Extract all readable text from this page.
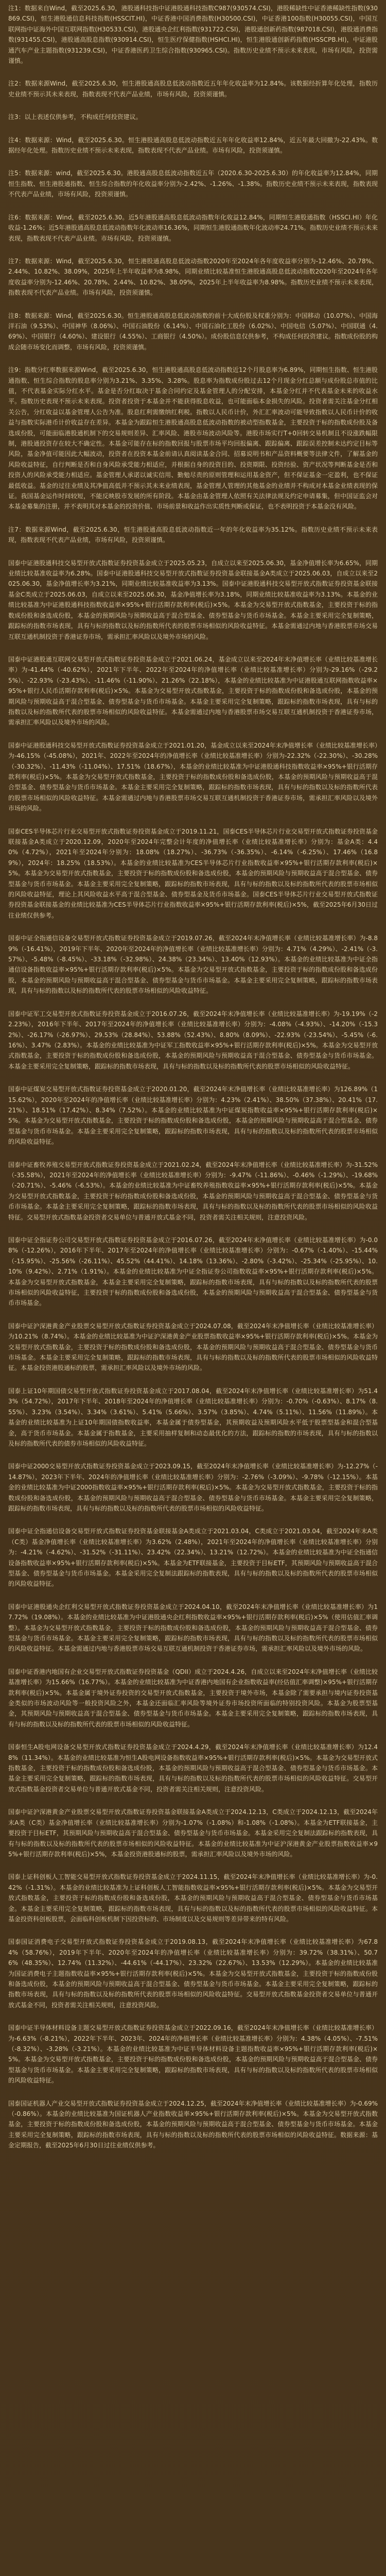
注1：数据来自Wind，截至2025.6.30，港股通科技指中证港股通科技指数C987(930574.CSI)，港股稀缺性中证香港稀缺性指数(930869.CSI)，恒生港股通信息科技指数(HSSCIT.HI)，中证香港中国消费指数(H30500.CSI)，中证香港100指数(H30055.CSI)，中国互联网指中证海外中国互联网指数(H30533.CSI)，港股通央企红利指数(931722.CSI)，港股通创新药指数(987018.CSI)，港股通消费指数(931455.CSI)，港股通高股息指数(930914.CSI)，恒生医疗保健指数(HSHCI.HI)，恒生港股通创新药指数(HSSCPB.HI)，中证港股通汽车产业主题指数(931239.CSI)，中证香港医药卫生综合指数(930965.CSI)。指数历史业绩不预示未来表现，市场有风险，投资需谨慎。

注2：数据来源Wind，截至2025.6.30，恒生港股通高股息低波动指数近五年年化收益率为12.84%。该数据经折算年化处理，指数历史业绩不预示其未来表现，指数表现不代表产品业绩，市场有风险，投资须谨慎。

注3：以上表述仅供参考，不构成任何投资建议。

注4：数据来源：Wind，截至2025.6.30。恒生港股通高股息低波动指数近五年年化收益率12.84%，近五年最大回撤为-22.43%。数据经年化处理。指数历史业绩不预示未来表现，指数表现不代表产品业绩。市场有风险，投资须谨慎。

注5：数据来源：wind，截至2025.6.30。港股通高股息低波动指数近五年（2020.6.30-2025.6.30）的年化收益率为12.84%，同期恒生指数、恒生港股通指数、恒生综合指数的年化收益率分别为-2.42%、-1.26%、-1.38%。指数历史业绩不预示未来表现，指数表现不代表产品业绩，市场有风险，投资须谨慎。

注6：数据来源：Wind，截至2025.6.30。近5年港股通高股息低波动指数年化收益12.84%，同期恒生港股通指数（HSSCI.HI）年化收益-1.26%；近5年港股通高股息低波动指数年化波动率16.36%，同期恒生港股通指数年化波动率24.71%。指数历史业绩不预示未来表现，指数表现不代表产品业绩。市场有风险，投资须谨慎。

注7：数据来源：Wind，截至2025.6.30，恒生港股通高股息低波动指数2020年至2024年各年度收益率分别为-12.46%、20.78%、2.44%、10.82%、38.09%，2025年上半年收益率为8.98%，同期业绩比较基准恒生港股通高股息低波动指数2020年至2024年各年度收益率分别为-12.46%、20.78%、2.44%、10.82%、38.09%，2025年上半年收益率为8.98%。指数历史业绩不预示未来表现，指数表现不代表产品业绩。市场有风险，投资须谨慎。

注8：数据来源：Wind，截至2025.6.30。恒生港股通高股息低波动指数的前十大成份股及权重分别为：中国移动（10.07%）、中国海洋石油（9.53%）、中国神华（8.06%）、中国石油股份（6.14%）、中国石油化工股份（6.02%）、中国电信（5.07%）、中国联通（4.69%）、中国银行（4.60%）、建设银行（4.55%）、工商银行（4.50%）。成份股信息仅供参考，不构成任何投资建议。指数成份股的构成会随市场变化而调整，市场有风险，投资须谨慎。

注9：指数分红率数据来源Wind，截至2025.6.30，恒生港股通高股息低波动指数近12个月股息率为6.89%，同期恒生指数、恒生港股通指数、恒生综合指数的股息率分别为3.21%、3.35%、3.28%。股息率为指数成份股过去12个月现金分红总额与成份股总市值的比值，不代表基金实际分红水平。基金是否分红取决于基金合同约定及基金管理人的分配安排，本基金分红并不代表基金未来的收益水平。指数历史表现不预示未来表现。投资者投资于本基金并不能获得股息收益，也可能面临本金损失的风险。投资者需关注基金分红相关公告，分红收益以基金管理人公告为准。股息红利需缴纳红利税。指数以人民币计价，外汇汇率波动可能导致指数以人民币计价的收益与指数实际港币计价收益存在差异。本基金为跟踪恒生港股通高股息低波动指数的被动型指数基金，主要投资于标的指数成份股及备选成份股，可能面临港股通机制下的交易规则差异、汇率风险、港股市场波动风险等。港股市场实行T+0回转交易机制且不设涨跌幅限制，港股通投资存在较大不确定性。本基金可能存在标的指数回报与股票市场平均回报偏离、跟踪偏离、跟踪误差控制未达约定目标等风险，基金净值可能因此大幅波动，投资者在投资本基金前请认真阅读基金合同、招募说明书和产品资料概要等法律文件，了解基金的风险收益特征，自行判断是否和自身风险承受能力相适应，并根据自身的投资目的、投资期限、投资经验、资产状况等判断基金是否和投资人的风险承受能力相适应。基金管理人承诺以诚实信用、勤勉尽责的原则管理和运用基金资产，但不保证基金一定盈利，也不保证最低收益。基金的过往业绩及其净值高低并不预示其未来业绩表现，基金管理人管理的其他基金的业绩并不构成对本基金业绩表现的保证。我国基金运作时间较短，不能反映股市发展的所有阶段。本基金由基金管理人依照有关法律法规及约定申请募集，但中国证监会对本基金募集的注册，并不表明其对本基金的投资价值、市场前景和收益作出实质性判断或保证，也不表明投资于本基金没有风险。

注7：数据来源Wind，截至2025.6.30，恒生港股通高股息低波动指数近一年的年化收益率为35.12%。指数历史业绩不预示未来表现，指数表现不代表产品业绩，市场有风险，投资须谨慎。

国泰中证港股通科技交易型开放式指数证券投资基金成立于2025.05.23，自成立以来至2025.06.30，基金净值增长率为6.65%，同期业绩比较基准收益率为6.28%。国泰中证港股通科技交易型开放式指数证券投资基金联接基金A类成立于2025.06.03，自成立以来至2025.06.30，基金净值增长率为3.21%，同期业绩比较基准收益率为3.13%。国泰中证港股通科技交易型开放式指数证券投资基金联接基金C类成立于2025.06.03，自成立以来至2025.06.30，基金净值增长率为3.18%，同期业绩比较基准收益率为3.13%。本基金的业绩比较基准为中证港股通科技指数收益率×95%+银行活期存款利率(税后)×5%。本基金为交易型开放式指数基金，主要投资于标的指数成份股和备选成份股，本基金的预期风险与预期收益高于混合型基金、债券型基金与货币市场基金。本基金主要采用完全复制策略，跟踪标的指数市场表现，具有与标的指数以及标的指数所代表的股票市场相似的风险收益特征。本基金需通过内地与香港股票市场交易互联互通机制投资于香港证券市场，需承担汇率风险以及境外市场的风险。

国泰中证港股通互联网交易型开放式指数证券投资基金成立于2021.06.24，基金成立以来至2024年末净值增长率（业绩比较基准增长率）为-41.44%（-40.62%），2021年下半年、2022年至2024年的净值增长率（业绩比较基准增长率）分别为-29.16%（-29.25%）、-22.93%（-23.43%）、-11.46%（-11.90%）、21.26%（22.18%），本基金的业绩比较基准为中证港股通互联网指数收益率×95%+银行人民币活期存款利率(税后)×5%。本基金为交易型开放式指数基金，主要投资于标的指数成份股和备选成份股，本基金的预期风险与预期收益高于混合型基金、债券型基金与货币市场基金。本基金主要采用完全复制策略，跟踪标的指数市场表现，具有与标的指数以及标的指数所代表的股票市场相似的风险收益特征。本基金需通过内地与香港股票市场交易互联互通机制投资于香港证券市场，需承担汇率风险以及境外市场的风险。

国泰中证港股通科技交易型开放式指数证券投资基金成立于2021.01.20，基金成立以来至2024年末净值增长率（业绩比较基准增长率）为-46.15%（-45.08%），2021年、2022年至2024年的净值增长率（业绩比较基准增长率）分别为-22.32%（-22.30%）、-30.28%（-30.32%）、-11.43%（-11.04%）、17.51%（18.67%），本基金的业绩比较基准为中证港股通科技指数收益率×95%+银行活期存款利率(税后)×5%。本基金为交易型开放式指数基金，主要投资于标的指数成份股和备选成份股，本基金的预期风险与预期收益高于混合型基金、债券型基金与货币市场基金。本基金主要采用完全复制策略，跟踪标的指数市场表现，具有与标的指数以及标的指数所代表的股票市场相似的风险收益特征。本基金需通过内地与香港股票市场交易互联互通机制投资于香港证券市场，需承担汇率风险以及境外市场的风险。

国泰CES半导体芯片行业交易型开放式指数证券投资基金成立于2019.11.21，国泰CES半导体芯片行业交易型开放式指数证券投资基金联接基金A类成立于2020.12.09，2020年至2024年完整会计年度的净值增长率（业绩比较基准增长率）分别为：基金A类：4.40%（4.72%），2021年至2024年分别为：18.08%（18.27%）、-36.73%（-36.35%）、-6.14%（-6.25%）、17.46%（16.89%），2024年：18.25%（18.53%）。本基金的业绩比较基准为CES半导体芯片行业指数收益率×95%+银行活期存款利率(税后)×5%。本基金为交易型开放式指数基金，主要投资于标的指数成份股和备选成份股，本基金的预期风险与预期收益高于混合型基金、债券型基金与货币市场基金。本基金主要采用完全复制策略，跟踪标的指数市场表现，具有与标的指数以及标的指数所代表的股票市场相似的风险收益特征，理论上其风险收益水平高于混合型基金、债券型基金及货币市场基金。国泰CES半导体芯片行业交易型开放式指数证券投资基金联接基金的业绩比较基准为CES半导体芯片行业指数收益率×95%+银行活期存款利率(税后)×5%，截至2025年6月30日过往业绩仅供参考。

国泰中证全指通信设备交易型开放式指数证券投资基金成立于2019.07.26，截至2024年末净值增长率（业绩比较基准增长率）为-8.89%（-16.41%），2019年下半年、2020年至2024年的净值增长率（业绩比较基准增长率）分别为：4.71%（4.29%）、-2.41%（-3.57%）、-5.48%（-8.45%）、-33.18%（-32.98%）、24.38%（23.34%）、13.40%（12.93%）。本基金的业绩比较基准为中证全指通信设备指数收益率×95%+银行活期存款利率(税后)×5%。本基金为交易型开放式指数基金，主要投资于标的指数成份股和备选成份股，本基金的预期风险与预期收益高于混合型基金、债券型基金与货币市场基金。本基金主要采用完全复制策略，跟踪标的指数市场表现，具有与标的指数以及标的指数所代表的股票市场相似的风险收益特征。

国泰中证军工交易型开放式指数证券投资基金成立于2016.07.26，截至2024年末净值增长率（业绩比较基准增长率）为-19.19%（-22.23%），2016年下半年、2017年至2024年的净值增长率（业绩比较基准增长率）分别为：-4.08%（-4.93%）、-14.20%（-15.32%）、-26.17%（-26.97%）、29.53%（28.84%）、53.88%（52.43%）、8.80%（8.09%）、-22.93%（-23.54%）、-5.45%（-6.16%）、3.47%（2.83%）。本基金的业绩比较基准为中证军工指数收益率×95%+银行活期存款利率(税后)×5%。本基金为交易型开放式指数基金，主要投资于标的指数成份股和备选成份股，本基金的预期风险与预期收益高于混合型基金、债券型基金与货币市场基金。本基金主要采用完全复制策略，跟踪标的指数市场表现，具有与标的指数以及标的指数所代表的股票市场相似的风险收益特征。

国泰中证煤炭交易型开放式指数证券投资基金成立于2020.01.20，截至2024年末净值增长率（业绩比较基准增长率）为126.89%（115.62%），2020年至2024年的净值增长率（业绩比较基准增长率）分别为：4.23%（2.41%）、38.50%（37.38%）、20.41%（17.21%）、18.51%（17.42%）、8.34%（7.52%）。本基金的业绩比较基准为中证煤炭指数收益率×95%+银行活期存款利率(税后)×5%。本基金为交易型开放式指数基金，主要投资于标的指数成份股和备选成份股，本基金的预期风险与预期收益高于混合型基金、债券型基金与货币市场基金。本基金主要采用完全复制策略，跟踪标的指数市场表现，具有与标的指数以及标的指数所代表的股票市场相似的风险收益特征。

国泰中证畜牧养殖交易型开放式指数证券投资基金成立于2021.02.24，截至2024年末净值增长率（业绩比较基准增长率）为-31.52%（-35.58%），2021年至2024年的净值增长率（业绩比较基准增长率）分别为：-9.47%（-11.86%）、-0.46%（-1.29%）、-19.68%（-20.71%）、-5.46%（-6.53%）。本基金的业绩比较基准为中证畜牧养殖指数收益率×95%+银行活期存款利率(税后)×5%。本基金为交易型开放式指数基金，主要投资于标的指数成份股和备选成份股，本基金的预期风险与预期收益高于混合型基金、债券型基金与货币市场基金。本基金主要采用完全复制策略，跟踪标的指数市场表现，具有与标的指数以及标的指数所代表的股票市场相似的风险收益特征。交易型开放式指数基金投资者交易单位与普通开放式基金不同，投资者需关注相关规则，注意投资风险。

国泰中证全指证券公司交易型开放式指数证券投资基金成立于2016.07.26，截至2024年末净值增长率（业绩比较基准增长率）为-0.08%（-12.26%），2016年下半年、2017年至2024年的净值增长率（业绩比较基准增长率）分别为：-0.67%（-1.40%）、-15.44%（-15.95%）、-25.56%（-26.11%）、45.52%（44.41%）、14.18%（13.36%）、-2.80%（-3.42%）、-25.34%（-25.95%）、10.10%（9.42%）、2.71%（1.91%）。本基金的业绩比较基准为中证全指证券公司指数收益率×95%+银行活期存款利率(税后)×5%。本基金为交易型开放式指数基金，本基金主要采用完全复制策略，跟踪标的指数市场表现，具有与标的指数以及标的指数所代表的股票市场相似的风险收益特征，主要投资于标的指数成份股和备选成份股，本基金的预期风险与预期收益高于混合型基金、债券型基金与货币市场基金。

国泰中证沪深港黄金产业股票交易型开放式指数证券投资基金成立于2024.07.08，截至2024年末净值增长率（业绩比较基准增长率）为10.21%（8.74%）。本基金的业绩比较基准为中证沪深港黄金产业股票指数收益率×95%+银行活期存款利率(税后)×5%。本基金为交易型开放式指数基金，主要投资于标的指数成份股和备选成份股，本基金的预期风险与预期收益高于混合型基金、债券型基金与货币市场基金。本基金主要采用完全复制策略，跟踪标的指数市场表现，具有与标的指数以及标的指数所代表的股票市场相似的风险收益特征。本基金投资港股通标的股票，需承担汇率风险以及境外市场的风险。

国泰上证10年期国债交易型开放式指数证券投资基金成立于2017.08.04，截至2024年末净值增长率（业绩比较基准增长率）为51.43%（54.72%），2017年下半年、2018年至2024年的净值增长率（业绩比较基准增长率）分别为：-0.70%（-0.63%）、8.17%（8.55%）、3.23%（3.54%）、3.34%（3.61%）、5.41%（5.66%）、3.57%（3.85%）、4.74%（5.11%）、11.56%（11.89%）。本基金的业绩比较基准为上证10年期国债指数收益率，本基金属于债券型基金，其预期收益及预期风险水平低于股票型基金和混合型基金，高于货币市场基金。本基金属于指数基金，主要采用抽样复制和动态最优化的方法，跟踪标的指数的市场表现，具有与标的指数以及标的指数所代表的债券市场相似的风险收益特征。

国泰中证2000交易型开放式指数证券投资基金成立于2023.09.15，截至2024年末净值增长率（业绩比较基准增长率）为-12.27%（-14.87%），2023年下半年、2024年的净值增长率（业绩比较基准增长率）分别为：-2.76%（-3.09%）、-9.78%（-12.15%）。本基金的业绩比较基准为中证2000指数收益率×95%+银行活期存款利率(税后)×5%。本基金为交易型开放式指数基金，主要投资于标的指数成份股和备选成份股，本基金的预期风险与预期收益高于混合型基金、债券型基金与货币市场基金。本基金主要采用完全复制策略，跟踪标的指数市场表现，具有与标的指数以及标的指数所代表的股票市场相似的风险收益特征。

国泰中证全指通信设备交易型开放式指数证券投资基金联接基金A类成立于2021.03.04，C类成立于2021.03.04，截至2024年末A类（C类）基金净值增长率（业绩比较基准增长率）为3.62%（2.48%），2021年至2024年的净值增长率（业绩比较基准增长率）分别为：-4.21%（-4.62%）、-31.52%（-31.11%）、23.42%（22.34%）、13.21%（12.72%）。本基金的业绩比较基准为中证全指通信设备指数收益率×95%+银行活期存款利率(税后)×5%。本基金为ETF联接基金，主要投资于目标ETF，其预期风险与预期收益高于混合型基金、债券型基金与货币市场基金。本基金采用完全复制法跟踪标的指数表现，具有与标的指数以及标的指数所代表的股票市场相似的风险收益特征。

国泰中证港股通央企红利交易型开放式指数证券投资基金成立于2024.04.10，截至2024年末净值增长率（业绩比较基准增长率）为17.72%（19.08%）。本基金的业绩比较基准为中证港股通央企红利指数收益率×95%+银行活期存款利率(税后)×5%（使用估值汇率调整）。本基金为交易型开放式指数基金，主要投资于标的指数成份股和备选成份股，本基金的预期风险与预期收益高于混合型基金、债券型基金与货币市场基金。本基金主要采用完全复制策略，跟踪标的指数市场表现，具有与标的指数以及标的指数所代表的股票市场相似的风险收益特征。本基金需通过内地与香港股票市场交易互联互通机制投资于香港证券市场，需承担汇率风险以及境外市场的风险。

国泰中证香港内地国有企业交易型开放式指数证券投资基金（QDII）成立于2024.4.26，自成立以来至2024年末净值增长率（业绩比较基准增长率）为15.66%（16.77%）。本基金的业绩比较基准为中证香港内地国有企业指数收益率(经估值汇率调整)×95%+银行活期存款利率(税后)×5%。本基金属于境外证券投资的交易型开放式指数基金，主要投资于境外市场，本基金除了需要承担与境内证券投资基金类似的市场波动风险等一般投资风险之外，本基金还面临汇率风险等境外证券市场投资所面临的特别投资风险。本基金为股票型基金，其预期风险与预期收益高于混合型基金、债券型基金与货币市场基金。本基金主要采用完全复制策略，跟踪标的指数市场表现，具有与标的指数以及标的指数所代表的股票市场相似的风险收益特征。

国泰恒生A股电网设备交易型开放式指数证券投资基金成立于2024.4.29，截至2024年末净值增长率（业绩比较基准增长率）为12.48%（11.34%）。本基金的业绩比较基准为恒生A股电网设备指数收益率×95%+银行活期存款利率(税后)×5%。本基金为交易型开放式指数基金，主要投资于标的指数成份股和备选成份股，本基金的预期风险与预期收益高于混合型基金、债券型基金与货币市场基金。本基金主要采用完全复制策略，跟踪标的指数市场表现，具有与标的指数以及标的指数所代表的股票市场相似的风险收益特征。交易型开放式指数基金投资者交易单位与普通开放式基金不同，投资者需关注相关规则，注意投资风险。

国泰中证沪深港黄金产业股票交易型开放式指数证券投资基金联接基金A类成立于2024.12.13，C类成立于2024.12.13，截至2024年末A类（C类）基金净值增长率（业绩比较基准增长率）分别为-1.07%（-1.08%）和-1.08%（-1.08%）。本基金为ETF联接基金，主要投资于目标ETF，其预期风险与预期收益高于混合型基金、债券型基金与货币市场基金。本基金采用完全复制法跟踪标的指数表现，具有与标的指数以及标的指数所代表的股票市场相似的风险收益特征。本基金的业绩比较基准为中证沪深港黄金产业股票指数收益率×95%+银行活期存款利率(税后)×5%，本基金投资港股通标的股票，需承担汇率风险以及境外市场的风险。

国泰上证科创板人工智能交易型开放式指数证券投资基金成立于2024.11.15，截至2024年末净值增长率（业绩比较基准增长率）为-0.42%（-1.31%）。本基金的业绩比较基准为上证科创板人工智能指数收益率×95%+银行活期存款利率(税后)×5%。本基金为交易型开放式指数基金，主要投资于标的指数成份股和备选成份股，本基金的预期风险与预期收益高于混合型基金、债券型基金与货币市场基金。本基金主要采用完全复制策略，跟踪标的指数市场表现，具有与标的指数以及标的指数所代表的股票市场相似的风险收益特征。本基金投资科创板股票，会面临科创板机制下因投资标的、市场制度以及交易规则等差异带来的特有风险。

国泰国证消费电子交易型开放式指数证券投资基金成立于2019.08.13，截至2024年末净值增长率（业绩比较基准增长率）为67.84%（58.76%），2019年下半年、2020年至2024年的净值增长率（业绩比较基准增长率）分别为：39.72%（38.31%）、50.76%（48.35%）、12.74%（11.32%）、-44.61%（-44.17%）、23.32%（22.67%）、13.53%（12.29%）。本基金的业绩比较基准为国证消费电子主题指数收益率×95%+银行活期存款利率(税后)×5%。本基金为交易型开放式指数基金，主要投资于标的指数成份股和备选成份股，本基金的预期风险与预期收益高于混合型基金、债券型基金与货币市场基金。本基金主要采用完全复制策略，跟踪标的指数市场表现，具有与标的指数以及标的指数所代表的股票市场相似的风险收益特征。交易型开放式指数基金投资者交易单位与普通开放式基金不同，投资者需关注相关规则，注意投资风险。

国泰中证半导体材料设备主题交易型开放式指数证券投资基金成立于2022.09.16，截至2024年末净值增长率（业绩比较基准增长率）为-6.63%（-8.21%），2022年下半年、2023年、2024年的净值增长率（业绩比较基准增长率）分别为：4.38%（4.05%）、-7.51%（-8.32%）、-3.28%（-3.21%）。本基金的业绩比较基准为中证半导体材料设备主题指数收益率×95%+银行活期存款利率(税后)×5%。本基金为交易型开放式指数基金，主要投资于标的指数成份股和备选成份股，本基金的预期风险与预期收益高于混合型基金、债券型基金与货币市场基金。本基金主要采用完全复制策略，跟踪标的指数市场表现，具有与标的指数以及标的指数所代表的股票市场相似的风险收益特征。

国泰国证机器人产业交易型开放式指数证券投资基金成立于2024.12.25，截至2024年末净值增长率（业绩比较基准增长率）为-0.69%（-0.86%）。本基金的业绩比较基准为国证机器人产业指数收益率×95%+银行活期存款利率(税后)×5%。本基金为交易型开放式指数基金，主要投资于标的指数成份股和备选成份股，本基金的预期风险与预期收益高于混合型基金、债券型基金与货币市场基金。本基金主要采用完全复制策略，跟踪标的指数市场表现，具有与标的指数以及标的指数所代表的股票市场相似的风险收益特征。数据来源：基金定期报告，截至2025年6月30日过往业绩仅供参考。
